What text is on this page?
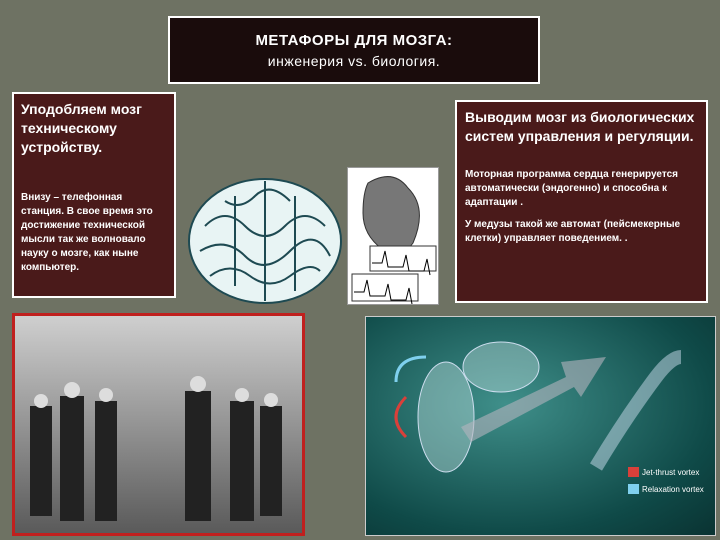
МЕТАФОРЫ ДЛЯ МОЗГА:
инженерия vs. биология.
Уподобляем мозг техническому устройству.
Внизу – телефонная станция. В свое время это достижение технической мысли так же волновало науку о мозге, как ныне компьютер.
Выводим мозг из биологических систем управления и регуляции.
Моторная программа сердца генерируется автоматически (эндогенно) и способна к адаптации .
У медузы такой же автомат (пейсмекерные клетки) управляет поведением. .
Jet-thrust vortex
Relaxation vortex
